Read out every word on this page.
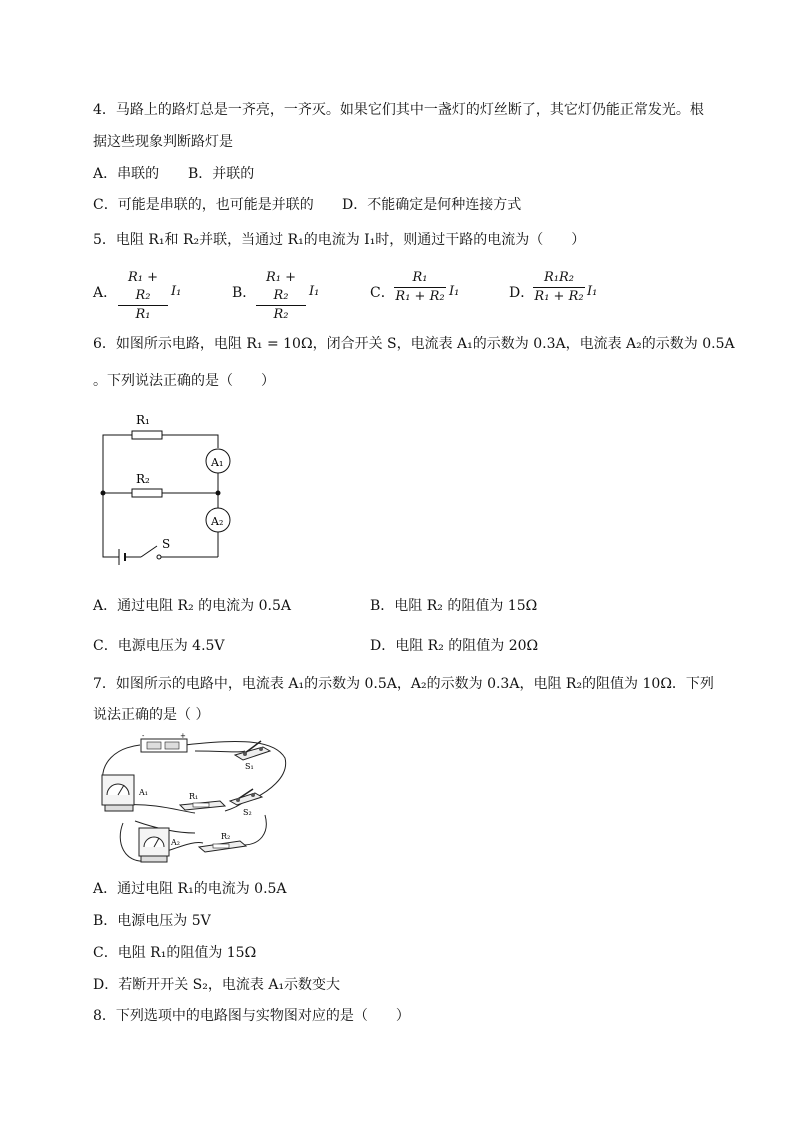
4．马路上的路灯总是一齐亮，一齐灭。如果它们其中一盏灯的灯丝断了，其它灯仍能正常发光。根
据这些现象判断路灯是
A．串联的 B．并联的
C．可能是串联的，也可能是并联的 D．不能确定是何种连接方式
5．电阻 R₁和 R₂并联，当通过 R₁的电流为 I₁时，则通过干路的电流为（　　）
A． $\frac{\text{R₁ + R₂}}{\text{R₁}} I_1$	B． $\frac{\text{R₁ + R₂}}{\text{R₂}} I_1$	C． $\frac{\text{R₁}}{\text{R₁ + R₂}} I_1$	D．
$\frac{\text{R₁R₂}}{\text{R₁ + R₂}} I_1$
6．如图所示电路，电阻 R₁ = 10Ω，闭合开关 S，电流表 A₁的示数为 0.3A，电流表 A₂的示数为 0.5A
。下列说法正确的是（　　）
R₁
R₂
A₁
A₂
S
A．通过电阻 R₂ 的电流为 0.5A	B．电阻 R₂ 的阻值为 15Ω
C．电源电压为 4.5V	D．电阻 R₂ 的阻值为 20Ω
7．如图所示的电路中，电流表 A₁的示数为 0.5A，A₂的示数为 0.3A，电阻 R₂的阻值为 10Ω．下列
说法正确的是（ ）
-	+
S₁
A₁	R₁
S₂
A₂
R₂
A．通过电阻 R₁的电流为 0.5A
B．电源电压为 5V
C．电阻 R₁的阻值为 15Ω
D．若断开开关 S₂，电流表 A₁示数变大
8．下列选项中的电路图与实物图对应的是（　　）
